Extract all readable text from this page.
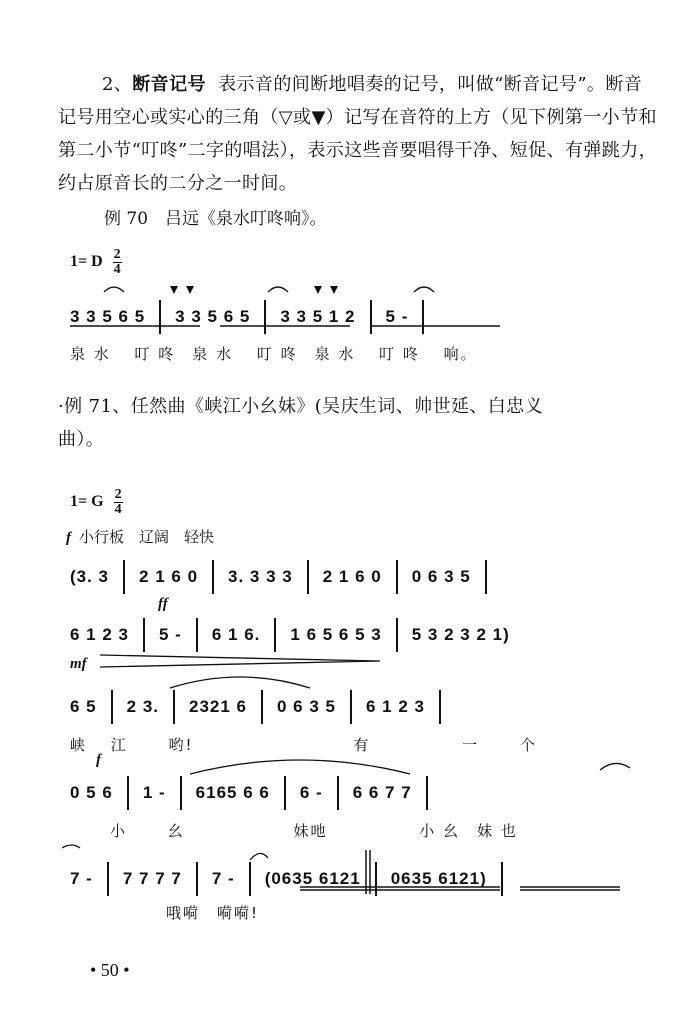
2、断音记号 表示音的间断地唱奏的记号，叫做“断音记号”。断音记号用空心或实心的三角（▽或▼）记写在音符的上方（见下例第一小节和第二小节“叮咚”二字的唱法），表示这些音要唱得干净、短促、有弹跳力，约占原音长的二分之一时间。

例 70　吕远《泉水叮咚响》。
1= D $\frac{2}{4}$
3 3 5 6 5 3 3 5 6 5 3 3 5 1 2 5 -
泉 水　 叮 咚　泉 水　 叮 咚　泉 水　 叮 咚　 响。
·例 71、任然曲《峡江小幺妹》(吴庆生词、帅世延、白忠义
曲）。
1= G $\frac{2}{4}$
f 小行板　辽阔　轻快
(3. 3 2 1 6 0 3. 3 3 3 2 1 6 0 0 6 3 5
ff
6 1 2 3 5 - 6 1 6. 1 6 5 6 5 3 5 3 2 3 2 1)
mf
6 5 2 3. 2321 6 0 6 3 5 6 1 2 3
峡　 江　　 哟!　　　　　　　　　 有　　　　　 一　　 个
f
0 5 6 1 - 6165 6 6 6 - 6 6 7 7
小　　 幺　　　　　　 妹吔　　　　　 小 幺　妹 也
7 - 7 7 7 7 7 - (0635 6121 0635 6121)
哦嗬　嗬嗬!
• 50 •
